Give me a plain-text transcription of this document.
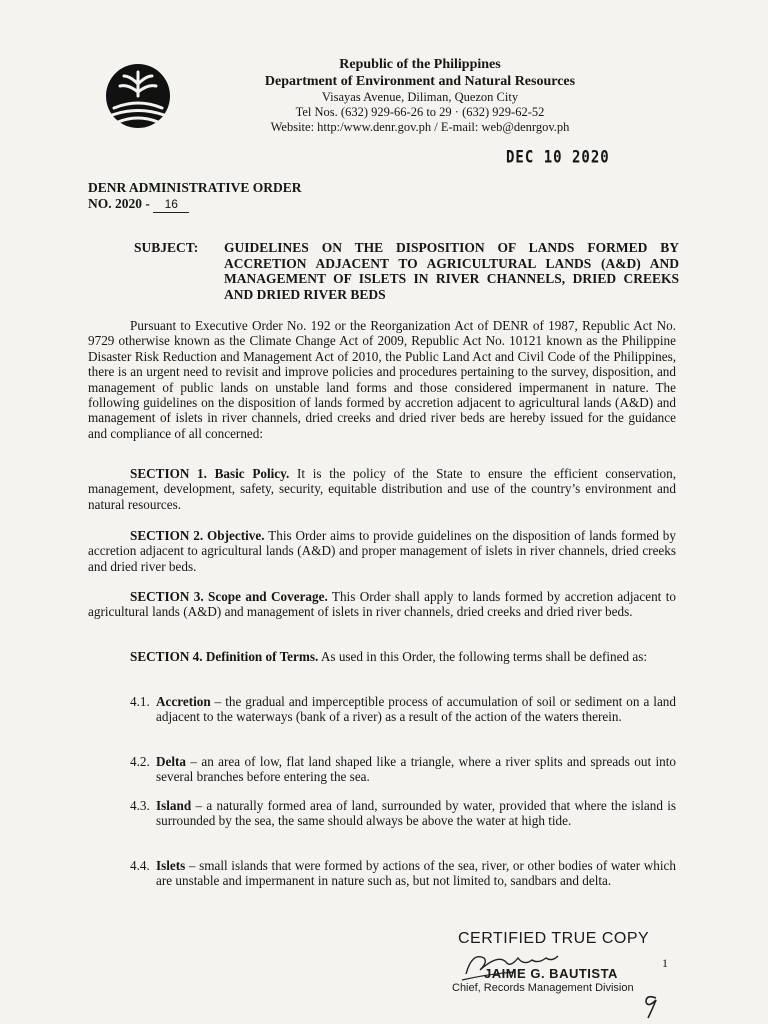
Republic of the Philippines
Department of Environment and Natural Resources
Visayas Avenue, Diliman, Quezon City
Tel Nos. (632) 929-66-26 to 29 · (632) 929-62-52
Website: http:/www.denr.gov.ph / E-mail: web@denrgov.ph
DEC 10 2020
DENR ADMINISTRATIVE ORDER
NO. 2020 - 16
SUBJECT: GUIDELINES ON THE DISPOSITION OF LANDS FORMED BY ACCRETION ADJACENT TO AGRICULTURAL LANDS (A&D) AND MANAGEMENT OF ISLETS IN RIVER CHANNELS, DRIED CREEKS AND DRIED RIVER BEDS
Pursuant to Executive Order No. 192 or the Reorganization Act of DENR of 1987, Republic Act No. 9729 otherwise known as the Climate Change Act of 2009, Republic Act No. 10121 known as the Philippine Disaster Risk Reduction and Management Act of 2010, the Public Land Act and Civil Code of the Philippines, there is an urgent need to revisit and improve policies and procedures pertaining to the survey, disposition, and management of public lands on unstable land forms and those considered impermanent in nature. The following guidelines on the disposition of lands formed by accretion adjacent to agricultural lands (A&D) and management of islets in river channels, dried creeks and dried river beds are hereby issued for the guidance and compliance of all concerned:
SECTION 1. Basic Policy. It is the policy of the State to ensure the efficient conservation, management, development, safety, security, equitable distribution and use of the country’s environment and natural resources.
SECTION 2. Objective. This Order aims to provide guidelines on the disposition of lands formed by accretion adjacent to agricultural lands (A&D) and proper management of islets in river channels, dried creeks and dried river beds.
SECTION 3. Scope and Coverage. This Order shall apply to lands formed by accretion adjacent to agricultural lands (A&D) and management of islets in river channels, dried creeks and dried river beds.
SECTION 4. Definition of Terms. As used in this Order, the following terms shall be defined as:
4.1. Accretion – the gradual and imperceptible process of accumulation of soil or sediment on a land adjacent to the waterways (bank of a river) as a result of the action of the waters therein.
4.2. Delta – an area of low, flat land shaped like a triangle, where a river splits and spreads out into several branches before entering the sea.
4.3. Island – a naturally formed area of land, surrounded by water, provided that where the island is surrounded by the sea, the same should always be above the water at high tide.
4.4. Islets – small islands that were formed by actions of the sea, river, or other bodies of water which are unstable and impermanent in nature such as, but not limited to, sandbars and delta.
CERTIFIED TRUE COPY
JAIME G. BAUTISTA
Chief, Records Management Division
1
